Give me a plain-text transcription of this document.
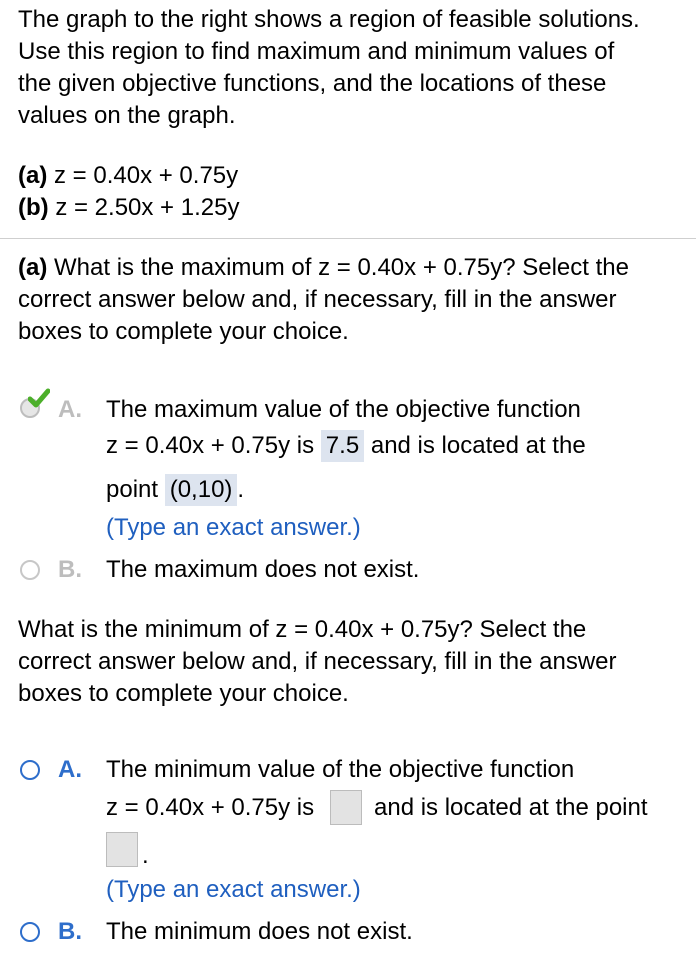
The graph to the right shows a region of feasible solutions.
Use this region to find maximum and minimum values of
the given objective functions, and the locations of these
values on the graph.
(a) z = 0.40x + 0.75y
(b) z = 2.50x + 1.25y
(a) What is the maximum of z = 0.40x + 0.75y? Select the
correct answer below and, if necessary, fill in the answer
boxes to complete your choice.
A. The maximum value of the objective function
z = 0.40x + 0.75y is 7.5 and is located at the
point (0,10) .
(Type an exact answer.)
B. The maximum does not exist.
What is the minimum of z = 0.40x + 0.75y? Select the
correct answer below and, if necessary, fill in the answer
boxes to complete your choice.
A. The minimum value of the objective function
z = 0.40x + 0.75y is and is located at the point
.
(Type an exact answer.)
B. The minimum does not exist.
